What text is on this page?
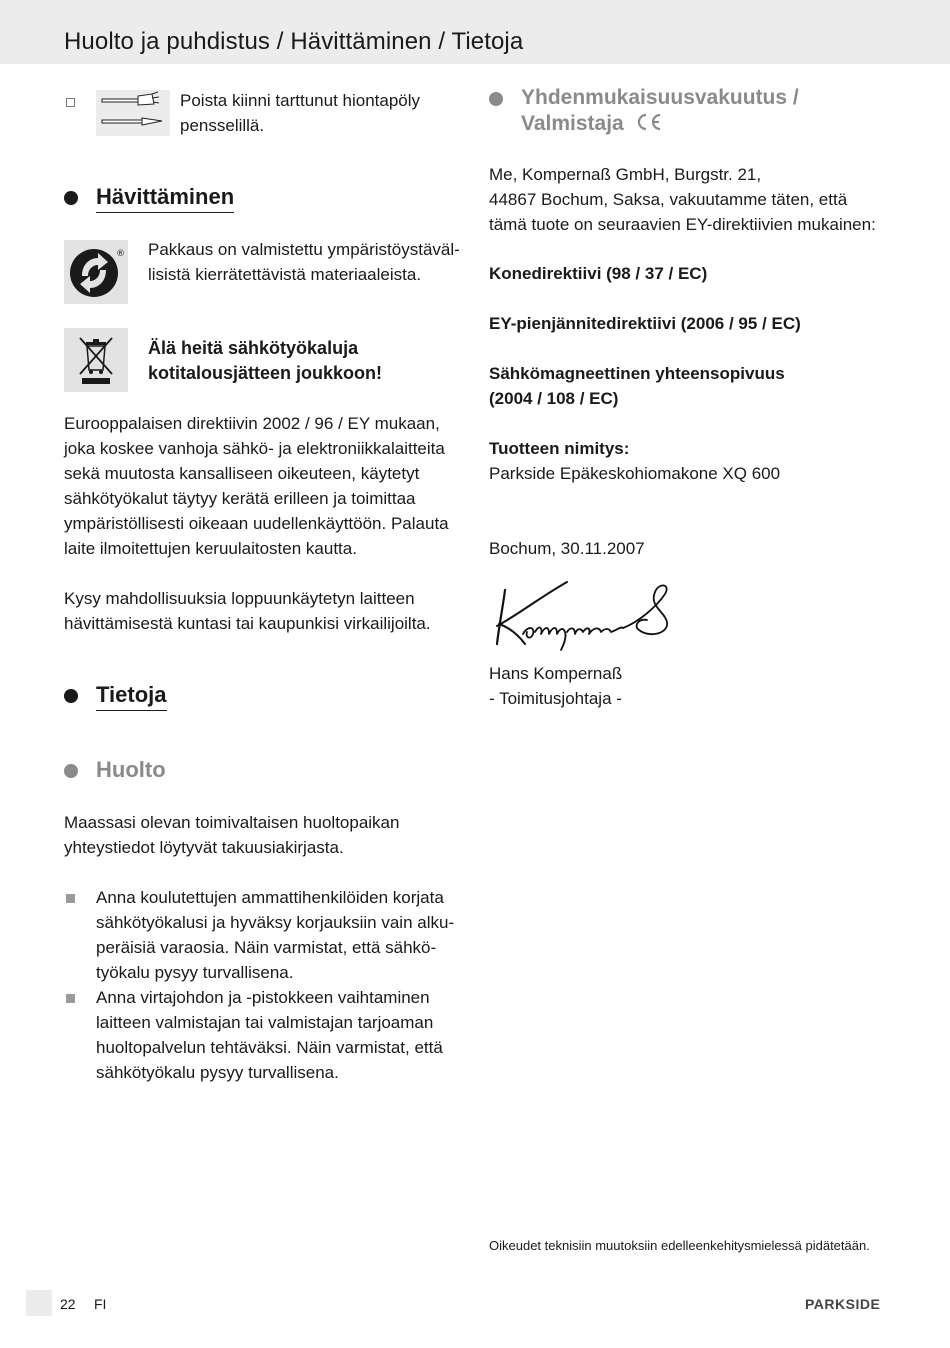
Huolto ja puhdistus / Hävittäminen / Tietoja
Poista kiinni tarttunut hiontapöly
pensselillä.
Hävittäminen
® Pakkaus on valmistettu ympäristöystäväl-
lisistä kierrätettävistä materiaaleista.
Älä heitä sähkötyökaluja
kotitalousjätteen joukkoon!
Eurooppalaisen direktiivin 2002 / 96 / EY mukaan,
joka koskee vanhoja sähkö- ja elektroniikkalaitteita
sekä muutosta kansalliseen oikeuteen, käytetyt
sähkötyökalut täytyy kerätä erilleen ja toimittaa
ympäristöllisesti oikeaan uudellenkäyttöön. Palauta
laite ilmoitettujen keruulaitosten kautta.
Kysy mahdollisuuksia loppuunkäytetyn laitteen
hävittämisestä kuntasi tai kaupunkisi virkailijoilta.
Tietoja
Huolto
Maassasi olevan toimivaltaisen huoltopaikan
yhteystiedot löytyvät takuusiakirjasta.
Anna koulutettujen ammattihenkilöiden korjata
sähkötyökalusi ja hyväksy korjauksiin vain alku-
peräisiä varaosia. Näin varmistat, että sähkö-
työkalu pysyy turvallisena.
Anna virtajohdon ja -pistokkeen vaihtaminen
laitteen valmistajan tai valmistajan tarjoaman
huoltopalvelun tehtäväksi. Näin varmistat, että
sähkötyökalu pysyy turvallisena.
Yhdenmukaisuusvakuutus /
Valmistaja
Me, Kompernaß GmbH, Burgstr. 21,
44867 Bochum, Saksa, vakuutamme täten, että
tämä tuote on seuraavien EY-direktiivien mukainen:
Konedirektiivi (98 / 37 / EC)
EY-pienjännitedirektiivi (2006 / 95 / EC)
Sähkömagneettinen yhteensopivuus
(2004 / 108 / EC)
Tuotteen nimitys:
Parkside Epäkeskohiomakone XQ 600
Bochum, 30.11.2007
Hans Kompernaß
- Toimitusjohtaja -
Oikeudet teknisiin muutoksiin edelleenkehitysmielessä pidätetään.
22 FI	PARKSIDE
